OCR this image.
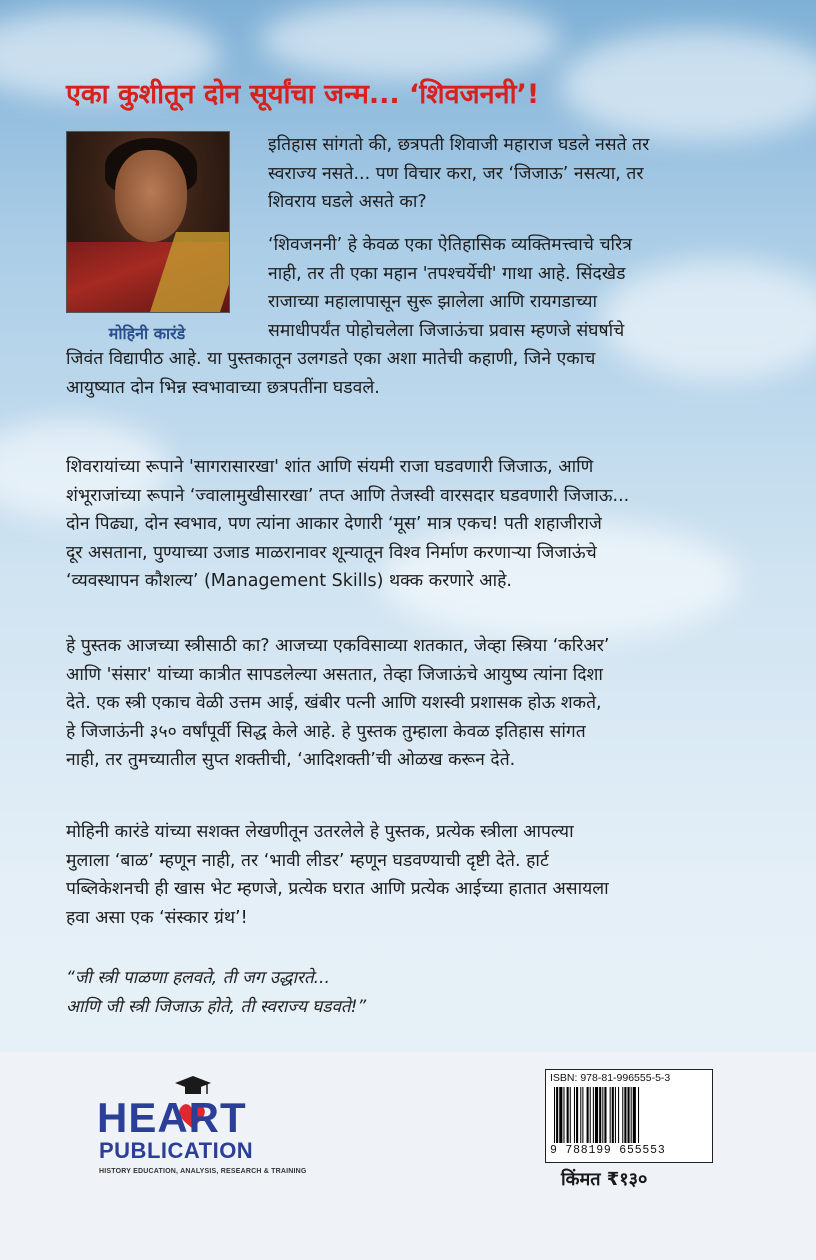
एका कुशीतून दोन सूर्यांचा जन्म... ‘शिवजननी’!
मोहिनी कारंडे
इतिहास सांगतो की, छत्रपती शिवाजी महाराज घडले नसते तर
स्वराज्य नसते... पण विचार करा, जर ‘जिजाऊ’ नसत्या, तर
शिवराय घडले असते का?
‘शिवजननी’ हे केवळ एका ऐतिहासिक व्यक्तिमत्त्वाचे चरित्र
नाही, तर ती एका महान 'तपश्चर्येची' गाथा आहे. सिंदखेड
राजाच्या महालापासून सुरू झालेला आणि रायगडाच्या
समाधीपर्यंत पोहोचलेला जिजाऊंचा प्रवास म्हणजे संघर्षाचे
जिवंत विद्यापीठ आहे. या पुस्तकातून उलगडते एका अशा मातेची कहाणी, जिने एकाच
आयुष्यात दोन भिन्न स्वभावाच्या छत्रपतींना घडवले.
शिवरायांच्या रूपाने 'सागरासारखा' शांत आणि संयमी राजा घडवणारी जिजाऊ, आणि
शंभूराजांच्या रूपाने ‘ज्वालामुखीसारखा’ तप्त आणि तेजस्वी वारसदार घडवणारी जिजाऊ...
दोन पिढ्या, दोन स्वभाव, पण त्यांना आकार देणारी ‘मूस’ मात्र एकच! पती शहाजीराजे
दूर असताना, पुण्याच्या उजाड माळरानावर शून्यातून विश्व निर्माण करणाऱ्या जिजाऊंचे
‘व्यवस्थापन कौशल्य’ (Management Skills) थक्क करणारे आहे.
हे पुस्तक आजच्या स्त्रीसाठी का? आजच्या एकविसाव्या शतकात, जेव्हा स्त्रिया ‘करिअर’
आणि 'संसार' यांच्या कात्रीत सापडलेल्या असतात, तेव्हा जिजाऊंचे आयुष्य त्यांना दिशा
देते. एक स्त्री एकाच वेळी उत्तम आई, खंबीर पत्नी आणि यशस्वी प्रशासक होऊ शकते,
हे जिजाऊंनी ३५० वर्षांपूर्वी सिद्ध केले आहे. हे पुस्तक तुम्हाला केवळ इतिहास सांगत
नाही, तर तुमच्यातील सुप्त शक्तीची, ‘आदिशक्ती’ची ओळख करून देते.
मोहिनी कारंडे यांच्या सशक्त लेखणीतून उतरलेले हे पुस्तक, प्रत्येक स्त्रीला आपल्या
मुलाला ‘बाळ’ म्हणून नाही, तर ‘भावी लीडर’ म्हणून घडवण्याची दृष्टी देते. हार्ट
पब्लिकेशनची ही खास भेट म्हणजे, प्रत्येक घरात आणि प्रत्येक आईच्या हातात असायला
हवा असा एक ‘संस्कार ग्रंथ’!
“जी स्त्री पाळणा हलवते, ती जग उद्धारते...
आणि जी स्त्री जिजाऊ होते, ती स्वराज्य घडवते!”
HEART
PUBLICATION
HISTORY EDUCATION, ANALYSIS, RESEARCH & TRAINING
ISBN: 978-81-996555-5-3
9 788199 655553
किंमत ₹१३०
